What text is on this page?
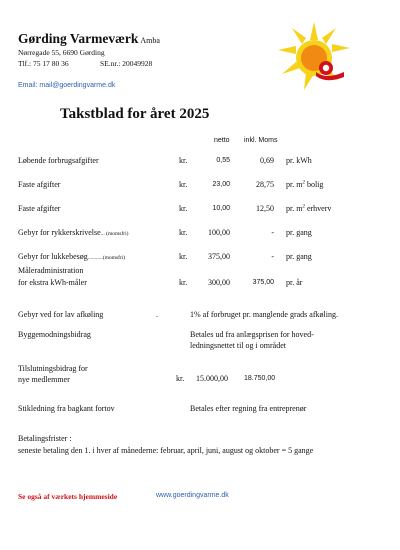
Gørding Varmeværk Amba
Nørregade 55, 6690 Gørding
Tlf.: 75 17 80 36	SE.nr.: 20049928
Email: mail@goerdingvarme.dk
Takstblad for året 2025
netto inkl. Moms
Løbende forbrugsafgifter	kr.	0,55	0,69 pr. kWh
Faste afgifter	kr.	23,00	28,75 pr. $m^2$ bolig
Faste afgifter	kr.	10,00	12,50 pr. $m^2$ erhverv
Gebyr for rykkerskrivelse... (momsfri)	kr.	100,00	- pr. gang
Gebyr for lukkebesøg...........(momsfri)	kr.	375,00	- pr. gang
Måleradministration
for ekstra kWh-måler	kr.	300,00	375,00 pr. år
Gebyr ved for lav afkøling	.	1% af forbruget pr. manglende grads afkøling.
Byggemodningsbidrag	Betales ud fra anlægsprisen for hoved-
ledningsnettet til og i området
Tilslutningsbidrag for
nye medlemmer	kr. 15.000,00 18.750,00
Stikledning fra bagkant fortov	Betales efter regning fra entreprenør
Betalingsfrister :
seneste betaling den 1. i hver af månederne: februar, april, juni, august og oktober = 5 gange
Se også af værkets hjemmeside	www.goerdingvarme.dk
